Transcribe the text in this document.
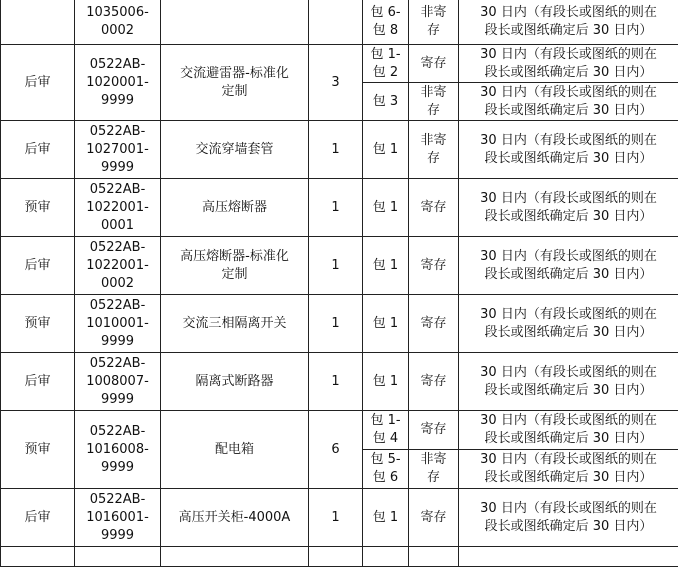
	1035006-
0002			包 6-
包 8	非寄
存	30 日内（有段长或图纸的则在
段长或图纸确定后 30 日内）
后审	0522AB-
1020001-
9999	交流避雷器-标准化
定制	3	包 1-
包 2	寄存	30 日内（有段长或图纸的则在
段长或图纸确定后 30 日内）
				包 3	非寄
存	30 日内（有段长或图纸的则在
段长或图纸确定后 30 日内）
后审	0522AB-
1027001-
9999	交流穿墙套管	1	包 1	非寄
存	30 日内（有段长或图纸的则在
段长或图纸确定后 30 日内）
预审	0522AB-
1022001-
0001	高压熔断器	1	包 1	寄存	30 日内（有段长或图纸的则在
段长或图纸确定后 30 日内）
后审	0522AB-
1022001-
0002	高压熔断器-标准化
定制	1	包 1	寄存	30 日内（有段长或图纸的则在
段长或图纸确定后 30 日内）
预审	0522AB-
1010001-
9999	交流三相隔离开关	1	包 1	寄存	30 日内（有段长或图纸的则在
段长或图纸确定后 30 日内）
后审	0522AB-
1008007-
9999	隔离式断路器	1	包 1	寄存	30 日内（有段长或图纸的则在
段长或图纸确定后 30 日内）
预审	0522AB-
1016008-
9999	配电箱	6	包 1-
包 4	寄存	30 日内（有段长或图纸的则在
段长或图纸确定后 30 日内）
				包 5-
包 6	非寄
存	30 日内（有段长或图纸的则在
段长或图纸确定后 30 日内）
后审	0522AB-
1016001-
9999	高压开关柜-4000A	1	包 1	寄存	30 日内（有段长或图纸的则在
段长或图纸确定后 30 日内）
